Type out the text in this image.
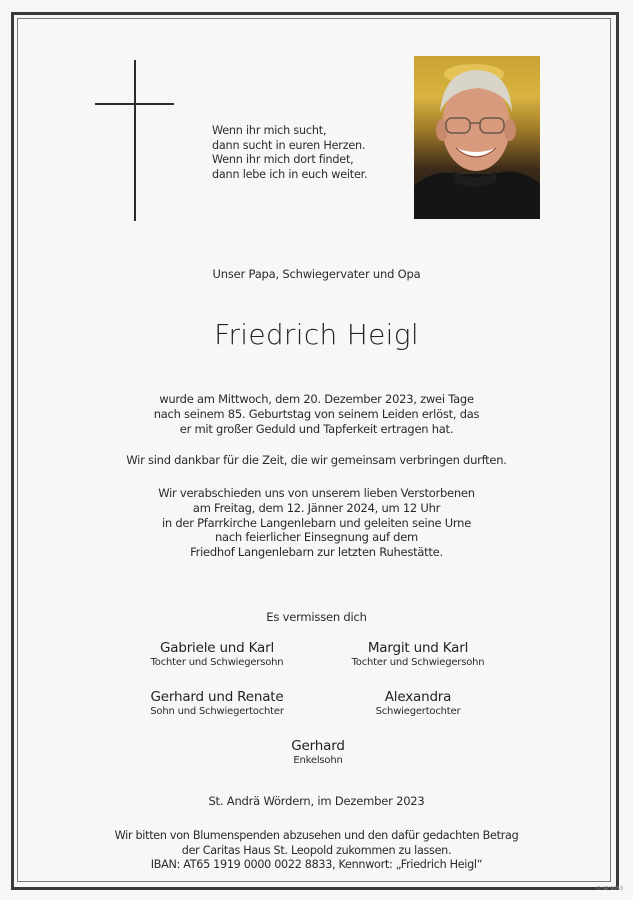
Wenn ihr mich sucht,
dann sucht in euren Herzen.
Wenn ihr mich dort findet,
dann lebe ich in euch weiter.
Unser Papa, Schwiegervater und Opa
Friedrich Heigl
wurde am Mittwoch, dem 20. Dezember 2023, zwei Tage
nach seinem 85. Geburtstag von seinem Leiden erlöst, das
er mit großer Geduld und Tapferkeit ertragen hat.
Wir sind dankbar für die Zeit, die wir gemeinsam verbringen durften.
Wir verabschieden uns von unserem lieben Verstorbenen
am Freitag, dem 12. Jänner 2024, um 12 Uhr
in der Pfarrkirche Langenlebarn und geleiten seine Urne
nach feierlicher Einsegnung auf dem
Friedhof Langenlebarn zur letzten Ruhestätte.
Es vermissen dich
Gabriele und Karl
Tochter und Schwiegersohn
Margit und Karl
Tochter und Schwiegersohn
Gerhard und Renate
Sohn und Schwiegertochter
Alexandra
Schwiegertochter
Gerhard
Enkelsohn
St. Andrä Wördern, im Dezember 2023
Wir bitten von Blumenspenden abzusehen und den dafür gedachten Betrag
der Caritas Haus St. Leopold zukommen zu lassen.
IBAN: AT65 1919 0000 0022 8833, Kennwort: „Friedrich Heigl“
© SP 9053
